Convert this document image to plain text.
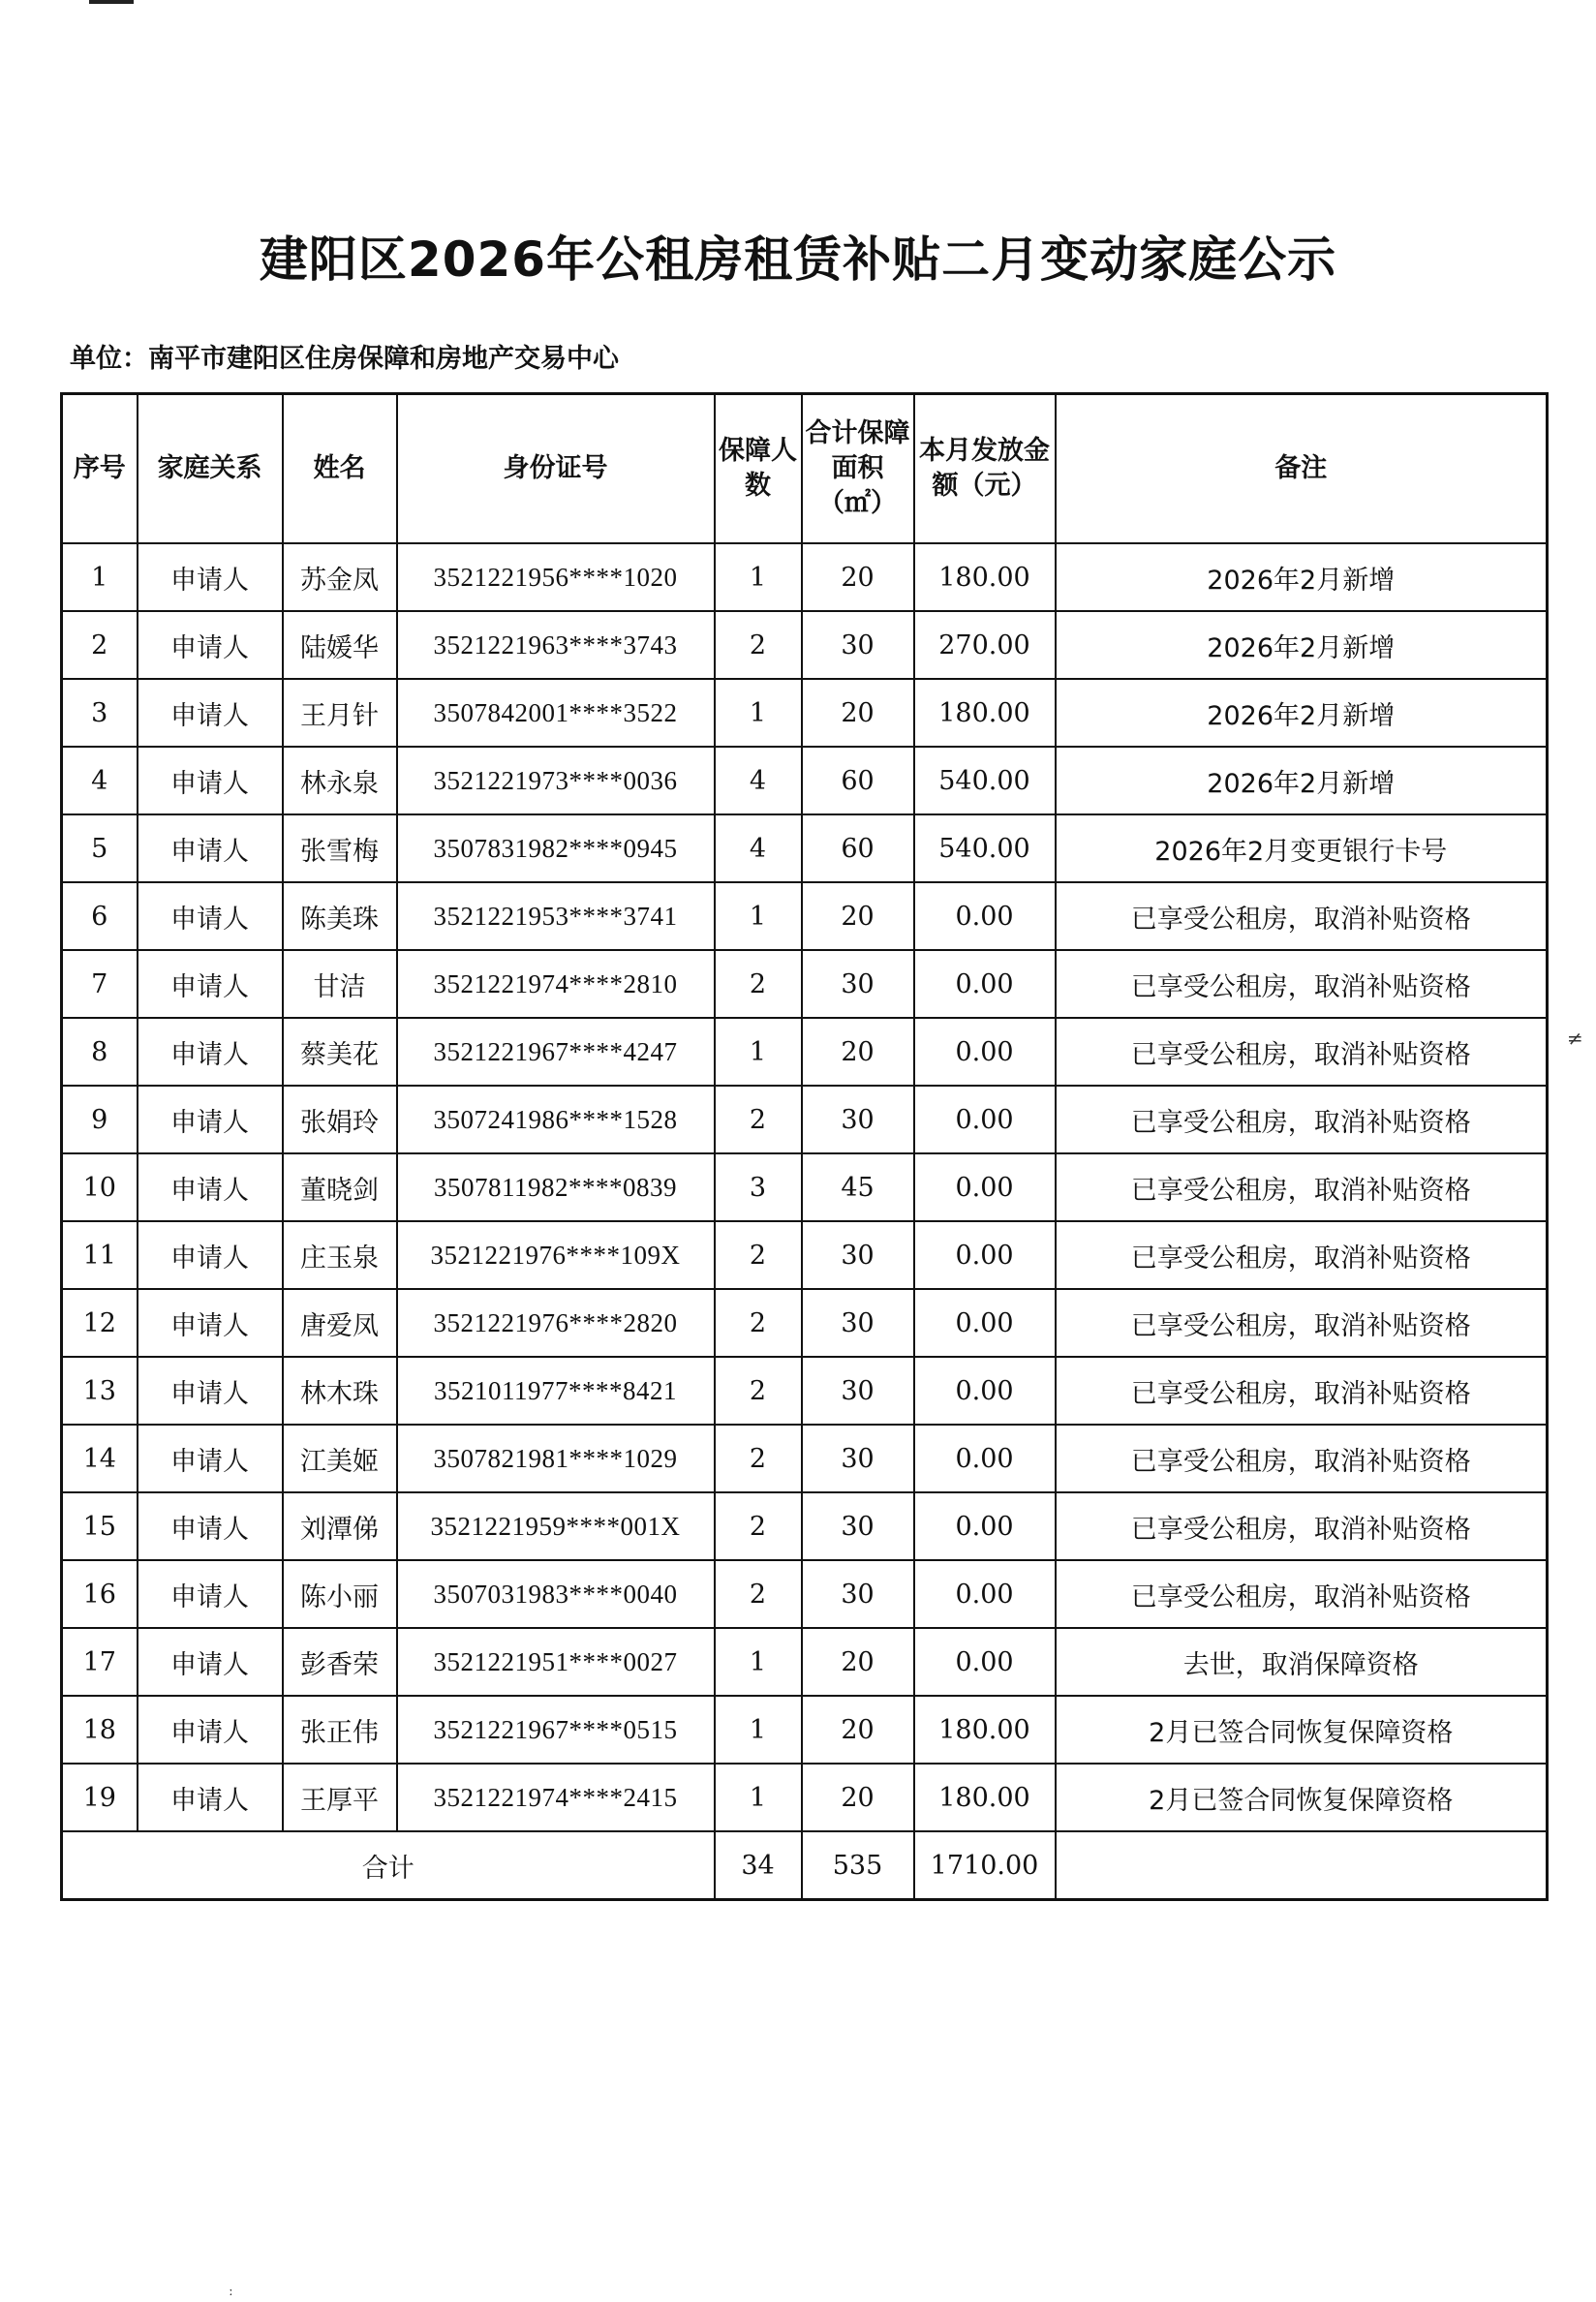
建阳区2026年公租房租赁补贴二月变动家庭公示
单位：南平市建阳区住房保障和房地产交易中心
序号	家庭关系	姓名	身份证号	保障人数	合计保障面积（㎡）	本月发放金额（元）	备注
1	申请人	苏金凤	3521221956****1020	1	20	180.00	2026年2月新增
2	申请人	陆媛华	3521221963****3743	2	30	270.00	2026年2月新增
3	申请人	王月针	3507842001****3522	1	20	180.00	2026年2月新增
4	申请人	林永泉	3521221973****0036	4	60	540.00	2026年2月新增
5	申请人	张雪梅	3507831982****0945	4	60	540.00	2026年2月变更银行卡号
6	申请人	陈美珠	3521221953****3741	1	20	0.00	已享受公租房，取消补贴资格
7	申请人	甘洁	3521221974****2810	2	30	0.00	已享受公租房，取消补贴资格
8	申请人	蔡美花	3521221967****4247	1	20	0.00	已享受公租房，取消补贴资格
9	申请人	张娟玲	3507241986****1528	2	30	0.00	已享受公租房，取消补贴资格
10	申请人	董晓剑	3507811982****0839	3	45	0.00	已享受公租房，取消补贴资格
11	申请人	庄玉泉	3521221976****109X	2	30	0.00	已享受公租房，取消补贴资格
12	申请人	唐爱凤	3521221976****2820	2	30	0.00	已享受公租房，取消补贴资格
13	申请人	林木珠	3521011977****8421	2	30	0.00	已享受公租房，取消补贴资格
14	申请人	江美姬	3507821981****1029	2	30	0.00	已享受公租房，取消补贴资格
15	申请人	刘潭俤	3521221959****001X	2	30	0.00	已享受公租房，取消补贴资格
16	申请人	陈小丽	3507031983****0040	2	30	0.00	已享受公租房，取消补贴资格
17	申请人	彭香荣	3521221951****0027	1	20	0.00	去世，取消保障资格
18	申请人	张正伟	3521221967****0515	1	20	180.00	2月已签合同恢复保障资格
19	申请人	王厚平	3521221974****2415	1	20	180.00	2月已签合同恢复保障资格
合计				34	535	1710.00	
≠
ː
